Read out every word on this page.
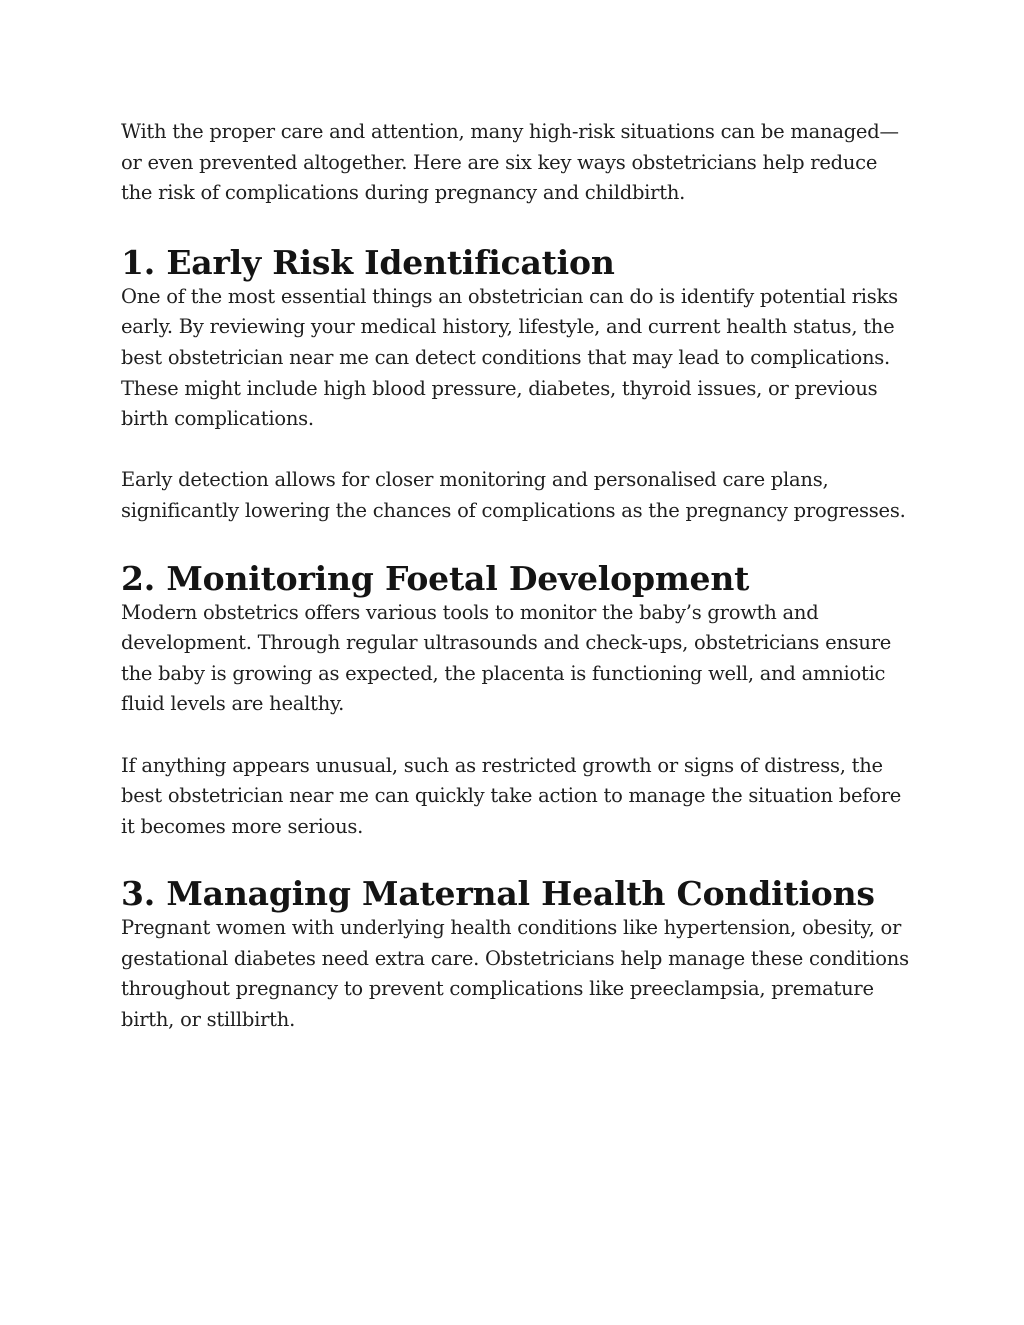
With the proper care and attention, many high-risk situations can be managed—or even prevented altogether. Here are six key ways obstetricians help reduce the risk of complications during pregnancy and childbirth.

1. Early Risk Identification

One of the most essential things an obstetrician can do is identify potential risks early. By reviewing your medical history, lifestyle, and current health status, the best obstetrician near me can detect conditions that may lead to complications. These might include high blood pressure, diabetes, thyroid issues, or previous birth complications.

Early detection allows for closer monitoring and personalised care plans, significantly lowering the chances of complications as the pregnancy progresses.

2. Monitoring Foetal Development

Modern obstetrics offers various tools to monitor the baby’s growth and development. Through regular ultrasounds and check-ups, obstetricians ensure the baby is growing as expected, the placenta is functioning well, and amniotic fluid levels are healthy.

If anything appears unusual, such as restricted growth or signs of distress, the best obstetrician near me can quickly take action to manage the situation before it becomes more serious.

3. Managing Maternal Health Conditions

Pregnant women with underlying health conditions like hypertension, obesity, or gestational diabetes need extra care. Obstetricians help manage these conditions throughout pregnancy to prevent complications like preeclampsia, premature birth, or stillbirth.
